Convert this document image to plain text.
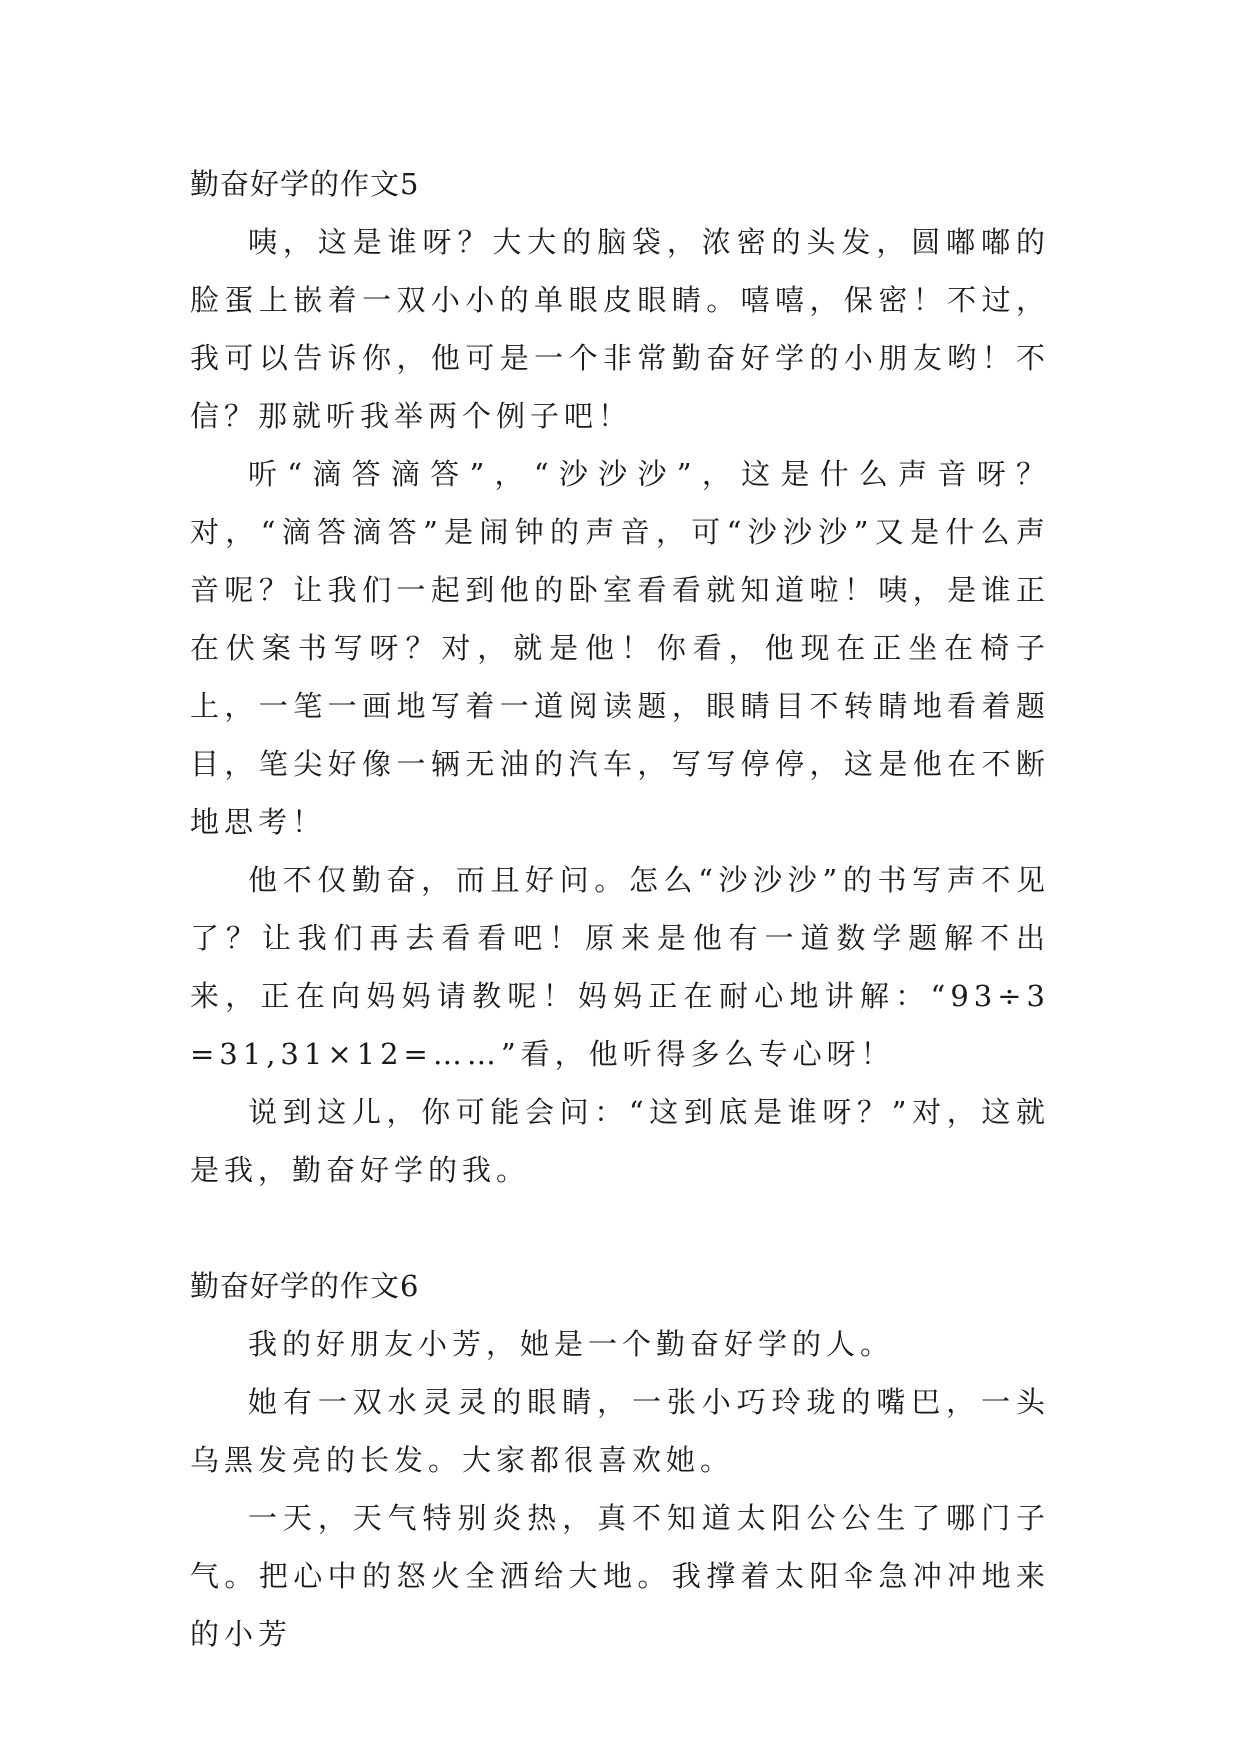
勤奋好学的作文5

咦，这是谁呀？大大的脑袋，浓密的头发，圆嘟嘟的脸蛋上嵌着一双小小的单眼皮眼睛。嘻嘻，保密！不过，我可以告诉你，他可是一个非常勤奋好学的小朋友哟！不信？那就听我举两个例子吧！

听“滴答滴答”，“沙沙沙”，这是什么声音呀？对，“滴答滴答”是闹钟的声音，可“沙沙沙”又是什么声音呢？让我们一起到他的卧室看看就知道啦！咦，是谁正在伏案书写呀？对，就是他！你看，他现在正坐在椅子上，一笔一画地写着一道阅读题，眼睛目不转睛地看着题目，笔尖好像一辆无油的汽车，写写停停，这是他在不断地思考！

他不仅勤奋，而且好问。怎么“沙沙沙”的书写声不见了？让我们再去看看吧！原来是他有一道数学题解不出来，正在向妈妈请教呢！妈妈正在耐心地讲解：“93÷3=31,31×12=……”看，他听得多么专心呀！

说到这儿，你可能会问：“这到底是谁呀？”对，这就是我，勤奋好学的我。

勤奋好学的作文6

我的好朋友小芳，她是一个勤奋好学的人。

她有一双水灵灵的眼睛，一张小巧玲珑的嘴巴，一头乌黑发亮的长发。大家都很喜欢她。

一天，天气特别炎热，真不知道太阳公公生了哪门子气。把心中的怒火全洒给大地。我撑着太阳伞急冲冲地来的小芳
